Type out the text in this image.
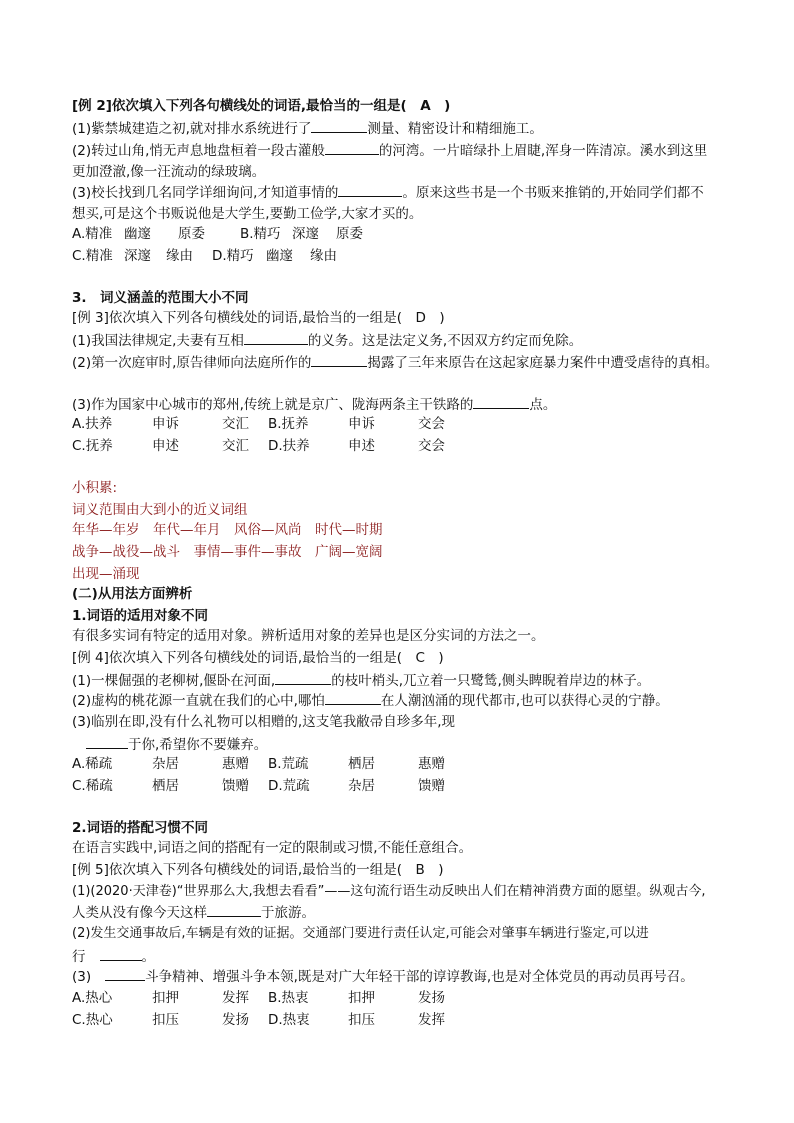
[例 2]依次填入下列各句横线处的词语,最恰当的一组是(　A　)
(1)紫禁城建造之初,就对排水系统进行了	测量、精密设计和精细施工。
(2)转过山角,悄无声息地盘桓着一段古灌般	的河湾。一片暗绿扑上眉睫,浑身一阵清凉。溪水到这里
更加澄澈,像一汪流动的绿玻璃。
(3)校长找到几名同学详细询问,才知道事情的	。原来这些书是一个书贩来推销的,开始同学们都不
想买,可是这个书贩说他是大学生,要勤工俭学,大家才买的。
A.精准 幽邃 原委	B.精巧 深邃 原委
C.精准 深邃 缘由 D.精巧 幽邃 缘由
3.　词义涵盖的范围大小不同
[例 3]依次填入下列各句横线处的词语,最恰当的一组是(　D　)
(1)我国法律规定,夫妻有互相	的义务。这是法定义务,不因双方约定而免除。
(2)第一次庭审时,原告律师向法庭所作的	揭露了三年来原告在这起家庭暴力案件中遭受虐待的真相。
(3)作为国家中心城市的郑州,传统上就是京广、陇海两条主干铁路的	点。
A.扶养	申诉	交汇 B.抚养	申诉	交会
C.抚养	申述	交汇 D.扶养	申述	交会
小积累:
词义范围由大到小的近义词组
年华—年岁　年代—年月　风俗—风尚　时代—时期
战争—战役—战斗　事情—事件—事故　广阔—宽阔
出现—涌现
(二)从用法方面辨析
1.词语的适用对象不同
有很多实词有特定的适用对象。辨析适用对象的差异也是区分实词的方法之一。
[例 4]依次填入下列各句横线处的词语,最恰当的一组是(　C　)
(1)一棵倔强的老柳树,偃卧在河面,	的枝叶梢头,兀立着一只鹭鸶,侧头睥睨着岸边的林子。
(2)虚构的桃花源一直就在我们的心中,哪怕	在人潮汹涌的现代都市,也可以获得心灵的宁静。
(3)临别在即,没有什么礼物可以相赠的,这支笔我敝帚自珍多年,现
于你,希望你不要嫌弃。
A.稀疏	杂居	惠赠 B.荒疏	栖居	惠赠
C.稀疏	栖居	馈赠 D.荒疏	杂居	馈赠
2.词语的搭配习惯不同
在语言实践中,词语之间的搭配有一定的限制或习惯,不能任意组合。
[例 5]依次填入下列各句横线处的词语,最恰当的一组是(　B　)
(1)(2020·天津卷)“世界那么大,我想去看看”——这句流行语生动反映出人们在精神消费方面的愿望。纵观古今,
人类从没有像今天这样	于旅游。
(2)发生交通事故后,车辆是有效的证据。交通部门要进行责任认定,可能会对肇事车辆进行鉴定,可以进
行	。
(3)	斗争精神、增强斗争本领,既是对广大年轻干部的谆谆教诲,也是对全体党员的再动员再号召。
A.热心	扣押	发挥 B.热衷	扣押	发扬
C.热心	扣压	发扬 D.热衷	扣压	发挥
